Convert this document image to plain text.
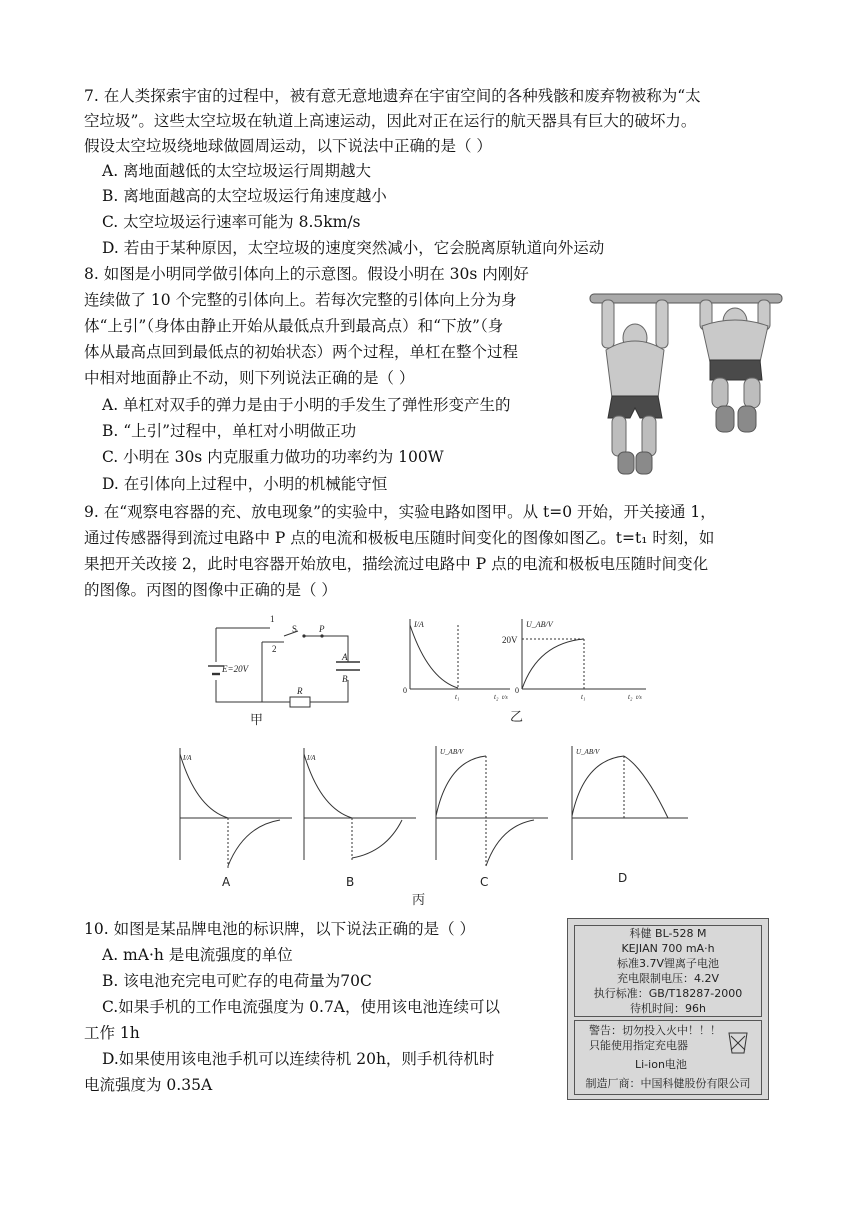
7. 在人类探索宇宙的过程中，被有意无意地遗弃在宇宙空间的各种残骸和废弃物被称为“太
空垃圾”。这些太空垃圾在轨道上高速运动，因此对正在运行的航天器具有巨大的破坏力。
假设太空垃圾绕地球做圆周运动，以下说法中正确的是（ ）
A. 离地面越低的太空垃圾运行周期越大
B. 离地面越高的太空垃圾运行角速度越小
C. 太空垃圾运行速率可能为 8.5km/s
D. 若由于某种原因，太空垃圾的速度突然减小，它会脱离原轨道向外运动
8. 如图是小明同学做引体向上的示意图。假设小明在 30s 内刚好
连续做了 10 个完整的引体向上。若每次完整的引体向上分为身
体“上引”（身体由静止开始从最低点升到最高点）和“下放”（身
体从最高点回到最低点的初始状态）两个过程，单杠在整个过程
中相对地面静止不动，则下列说法正确的是（ ）
A. 单杠对双手的弹力是由于小明的手发生了弹性形变产生的
B. “上引”过程中，单杠对小明做正功
C. 小明在 30s 内克服重力做功的功率约为 100W
D. 在引体向上过程中，小明的机械能守恒
9. 在“观察电容器的充、放电现象”的实验中，实验电路如图甲。从 t=0 开始，开关接通 1，
通过传感器得到流过电路中 P 点的电流和极板电压随时间变化的图像如图乙。t=t₁ 时刻，如
果把开关改接 2，此时电容器开始放电，描绘流过电路中 P 点的电流和极板电压随时间变化
的图像。丙图的图像中正确的是（ ）
1
S P
2
E=20V
A
B
R
甲
I/A
0
t₁	t₂ t/s
U_AB/V
20V
0
t₁	t₂ t/s
乙
I/A
A
I/A
B
U_AB/V
C
U_AB/V
D
丙
10. 如图是某品牌电池的标识牌，以下说法正确的是（ ）
A. mA·h 是电流强度的单位
B. 该电池充完电可贮存的电荷量为70C
C.如果手机的工作电流强度为 0.7A，使用该电池连续可以
工作 1h
D.如果使用该电池手机可以连续待机 20h，则手机待机时
电流强度为 0.35A
科健 BL-528 M
KEJIAN 700 mA·h
标准3.7V锂离子电池
充电限制电压：4.2V
执行标准：GB/T18287-2000
待机时间：96h
警告：切勿投入火中！！！
只能使用指定充电器
Li-ion电池
制造厂商：中国科健股份有限公司
